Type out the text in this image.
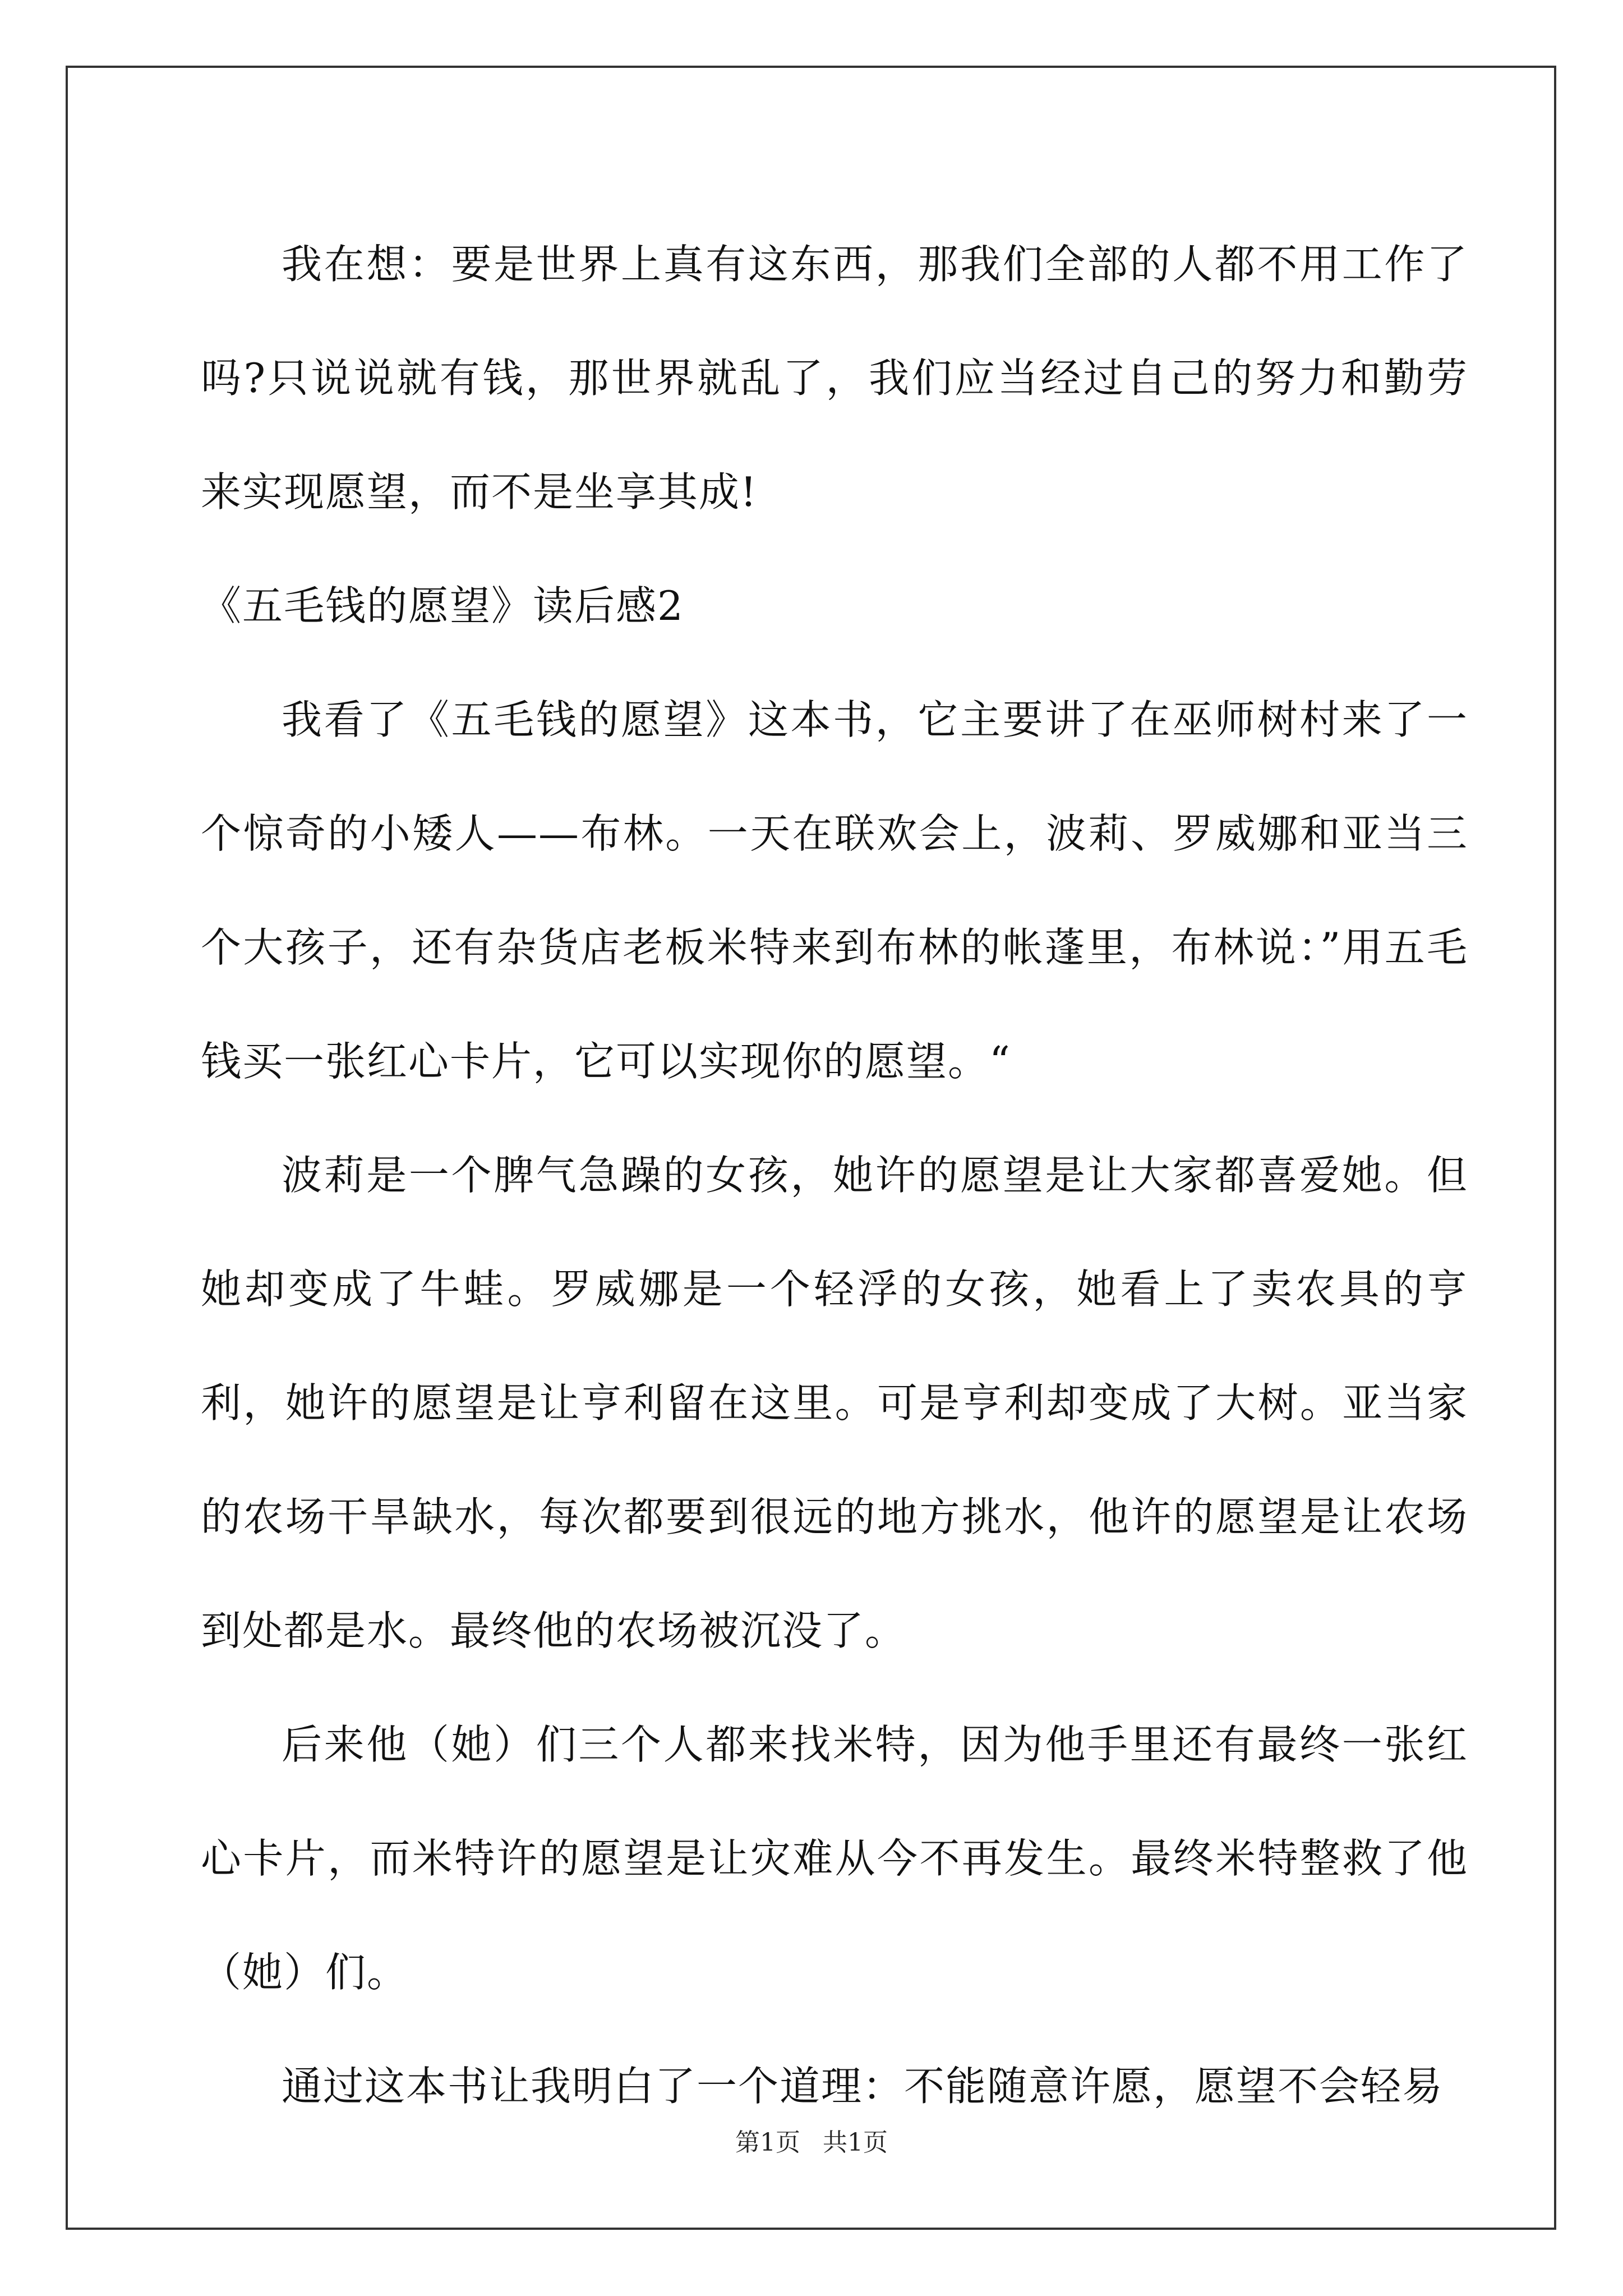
我在想：要是世界上真有这东西，那我们全部的人都不用工作了吗?只说说就有钱，那世界就乱了，我们应当经过自己的努力和勤劳来实现愿望，而不是坐享其成!

《五毛钱的愿望》读后感2

我看了《五毛钱的愿望》这本书，它主要讲了在巫师树村来了一个惊奇的小矮人——布林。一天在联欢会上，波莉、罗威娜和亚当三个大孩子，还有杂货店老板米特来到布林的帐蓬里，布林说：”用五毛钱买一张红心卡片，它可以实现你的愿望。“

波莉是一个脾气急躁的女孩，她许的愿望是让大家都喜爱她。但她却变成了牛蛙。罗威娜是一个轻浮的女孩，她看上了卖农具的亨利，她许的愿望是让亨利留在这里。可是亨利却变成了大树。亚当家的农场干旱缺水，每次都要到很远的地方挑水，他许的愿望是让农场到处都是水。最终他的农场被沉没了。

后来他（她）们三个人都来找米特，因为他手里还有最终一张红心卡片，而米特许的愿望是让灾难从今不再发生。最终米特整救了他（她）们。

通过这本书让我明白了一个道理：不能随意许愿，愿望不会轻易

第1页 共1页
